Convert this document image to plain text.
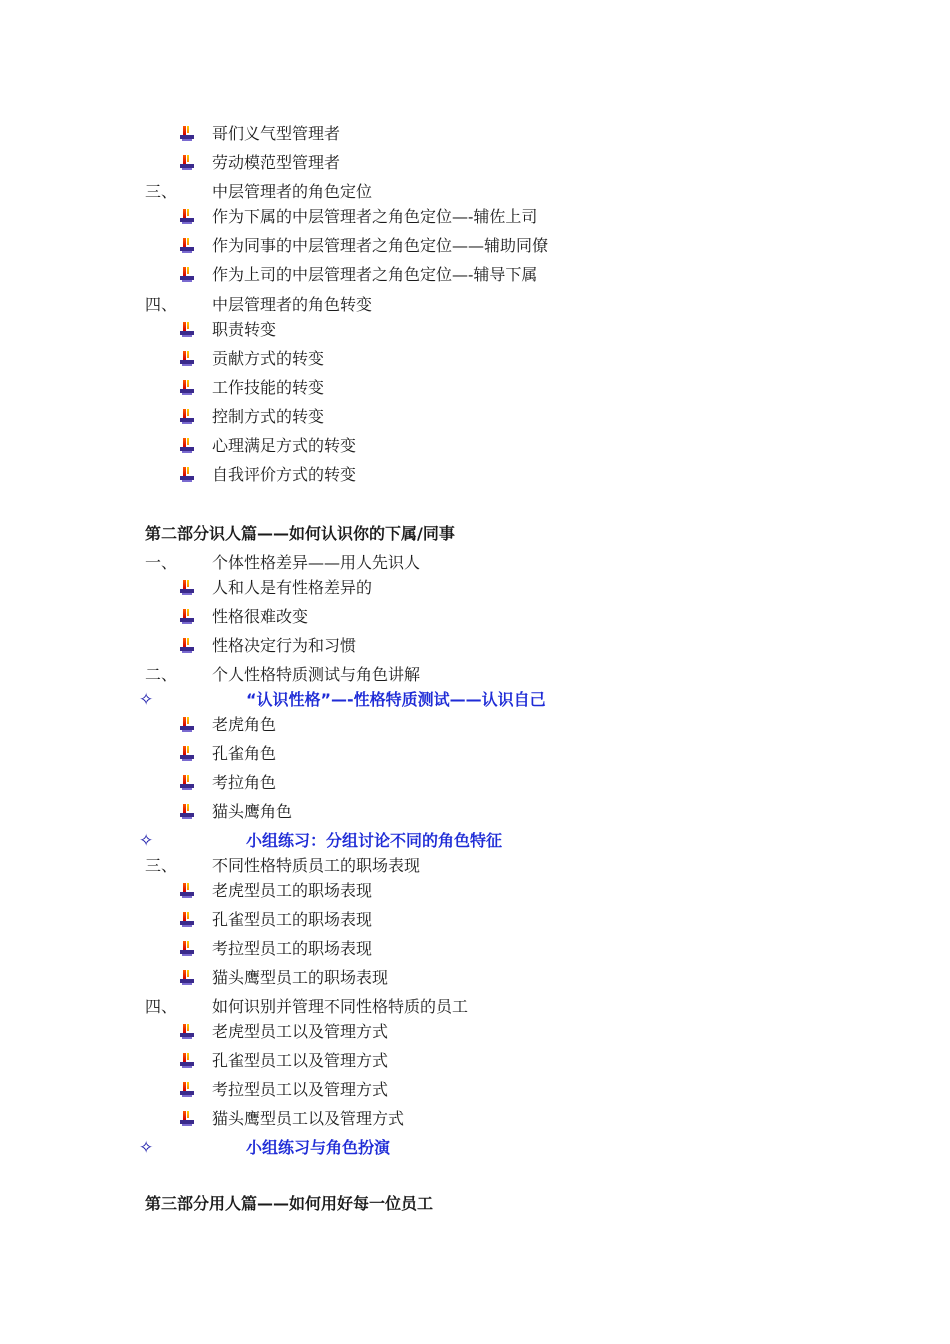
哥们义气型管理者
劳动模范型管理者
三、 中层管理者的角色定位
作为下属的中层管理者之角色定位—-辅佐上司
作为同事的中层管理者之角色定位——辅助同僚
作为上司的中层管理者之角色定位—-辅导下属
四、 中层管理者的角色转变
职责转变
贡献方式的转变
工作技能的转变
控制方式的转变
心理满足方式的转变
自我评价方式的转变
第二部分识人篇——如何认识你的下属/同事
一、 个体性格差异——用人先识人
人和人是有性格差异的
性格很难改变
性格决定行为和习惯
二、 个人性格特质测试与角色讲解
✧	“认识性格”—-性格特质测试——认识自己
老虎角色
孔雀角色
考拉角色
猫头鹰角色
✧	小组练习：分组讨论不同的角色特征
三、 不同性格特质员工的职场表现
老虎型员工的职场表现
孔雀型员工的职场表现
考拉型员工的职场表现
猫头鹰型员工的职场表现
四、 如何识别并管理不同性格特质的员工
老虎型员工以及管理方式
孔雀型员工以及管理方式
考拉型员工以及管理方式
猫头鹰型员工以及管理方式
✧	小组练习与角色扮演
第三部分用人篇——如何用好每一位员工
